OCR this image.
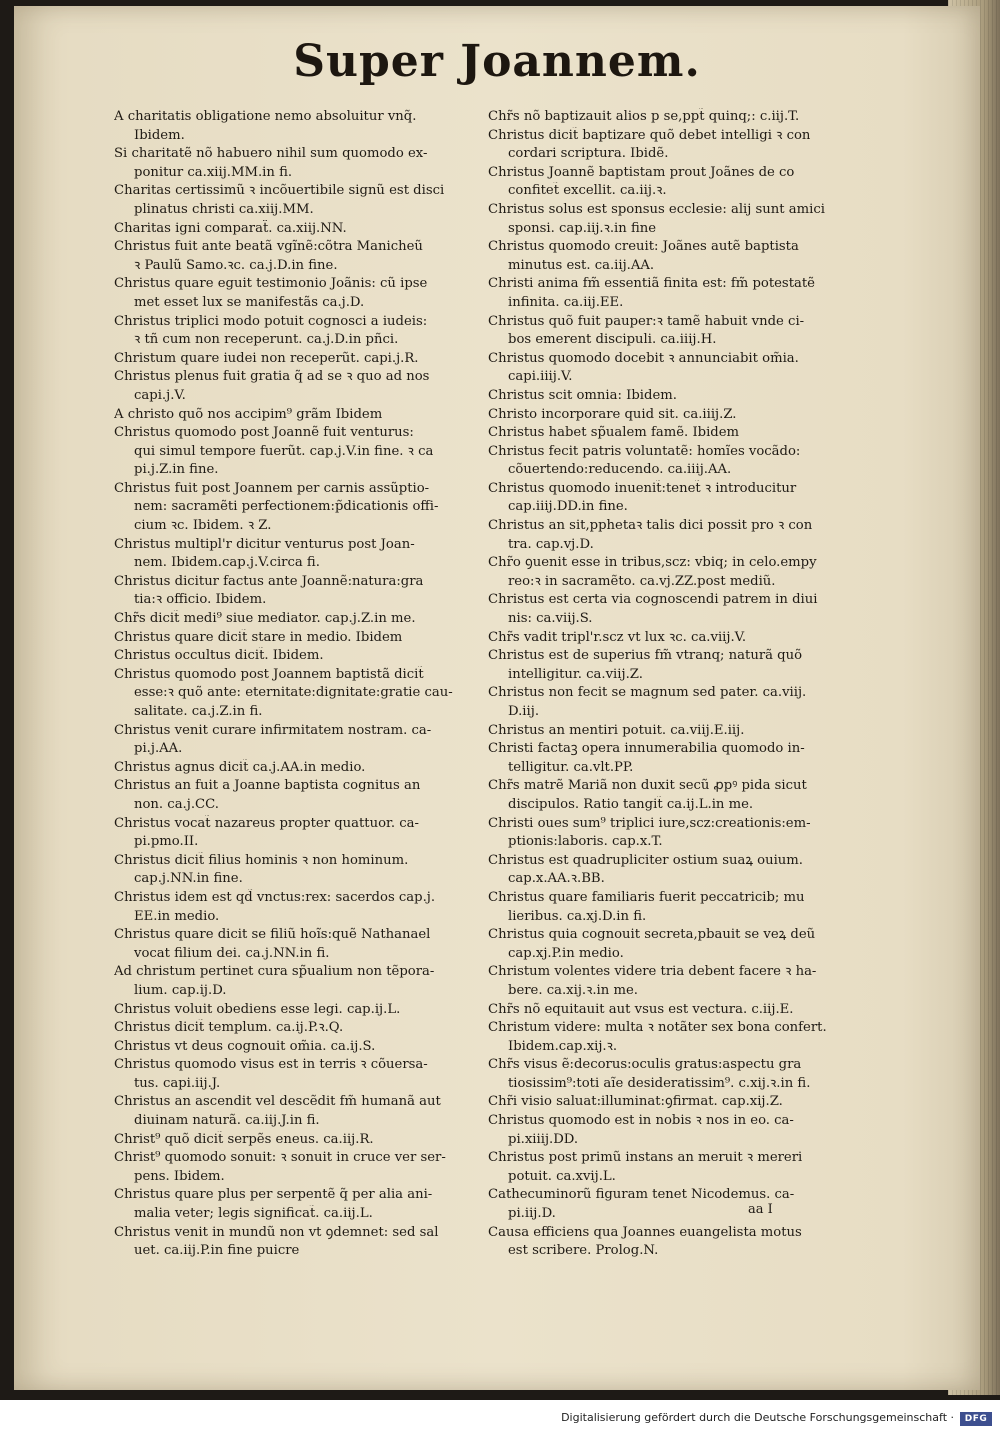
Super Joannem.
A charitatis obligatione nemo absoluitur vnq̃.
Ibidem.
Si charitatẽ nõ habuero nihil sum quomodo ex-
ponitur ca.xiij.MM.in fi.
Charitas certissimũ ꝛ incõuertibile signũ est disci
plinatus christi ca.xiij.MM.
Charitas igni comparaẗ. ca.xiij.NN.
Christus fuit ante beatã vgĩnẽ:cõtra Manicheũ
ꝛ Paulũ Samo.ꝛc. ca.j.D.in fine.
Christus quare eguit testimonio Joãnis: cũ ipse
met esset lux se manifestãs ca.j.D.
Christus triplici modo potuit cognosci a iudeis:
ꝛ tñ cum non receperunt. ca.j.D.in pñci.
Christum quare iudei non receperũt. capi.j.R.
Christus plenus fuit gratia q̃ ad se ꝛ quo ad nos
capi.j.V.
A christo quõ nos accipim⁹ grãm Ibidem
Christus quomodo post Joannẽ fuit venturus:
qui simul tempore fuerũt. cap.j.V.in fine. ꝛ ca
pi.j.Z.in fine.
Christus fuit post Joannem per carnis assũptio-
nem: sacramẽti perfectionem:p̃dicationis offi-
cium ꝛc. Ibidem. ꝛ Z.
Christus multipl'r dicitur venturus post Joan-
nem. Ibidem.cap.j.V.circa fi.
Christus dicitur factus ante Joannẽ:natura:gra
tia:ꝛ officio. Ibidem.
Chr̃s dicit̃ medi⁹ siue mediator. cap.j.Z.in me.
Christus quare dicit̃ stare in medio. Ibidem
Christus occultus dicit̃. Ibidem.
Christus quomodo post Joannem baptistã dicit̃
esse:ꝛ quõ ante: eternitate:dignitate:gratie cau-
salitate. ca.j.Z.in fi.
Christus venit curare infirmitatem nostram. ca-
pi.j.AA.
Christus agnus dicit̃ ca.j.AA.in medio.
Christus an fuit a Joanne baptista cognitus an
non. ca.j.CC.
Christus vocat̃ nazareus propter quattuor. ca-
pi.pmo.II.
Christus dicit̃ filius hominis ꝛ non hominum.
cap.j.NN.in fine.
Christus idem est qd̃ vnctus:rex: sacerdos cap.j.
EE.in medio.
Christus quare dicit se filiũ hoĩs:quẽ Nathanael
vocat filium dei. ca.j.NN.in fi.
Ad christum pertinet cura sp̃ualium non tẽpora-
lium. cap.ij.D.
Christus voluit obediens esse legi. cap.ij.L.
Christus dicit̃ templum. ca.ij.P.ꝛ.Q.
Christus vt deus cognouit om̃ia. ca.ij.S.
Christus quomodo visus est in terris ꝛ cõuersa-
tus. capi.iij.J.
Christus an ascendit vel descẽdit fm̃ humanã aut
diuinam naturã. ca.iij.J.in fi.
Christ⁹ quõ dicit̃ serpẽs eneus. ca.iij.R.
Christ⁹ quomodo sonuit: ꝛ sonuit in cruce ver ser-
pens. Ibidem.
Christus quare plus per serpentẽ q̃ per alia ani-
malia veter; legis significat̃. ca.iij.L.
Christus venit in mundũ non vt ꝯdemnet: sed sal
uet. ca.iij.P.in fine puicre
Chr̃s nõ baptizauit alios p se,ppt̃ quinq;: c.iij.T.
Christus dicit̃ baptizare quõ debet intelligi ꝛ con
cordari scriptura. Ibidẽ.
Christus Joannẽ baptistam prout Joãnes de co
confitet̃ excellit. ca.iij.ꝛ.
Christus solus est sponsus ecclesie: alij sunt amici
sponsi. cap.iij.ꝛ.in fine
Christus quomodo creuit: Joãnes autẽ baptista
minutus est. ca.iij.AA.
Christi anima fm̃ essentiã finita est: fm̃ potestatẽ
infinita. ca.iij.EE.
Christus quõ fuit pauper:ꝛ tamẽ habuit vnde ci-
bos emerent discipuli. ca.iiij.H.
Christus quomodo docebit ꝛ annunciabit om̃ia.
capi.iiij.V.
Christus scit omnia: Ibidem.
Christo incorporare quid sit. ca.iiij.Z.
Christus habet sp̃ualem famẽ. Ibidem
Christus fecit patris voluntatẽ: homĩes vocãdo:
cõuertendo:reducendo. ca.iiij.AA.
Christus quomodo inuenit̃:tenet̃ ꝛ introducitur
cap.iiij.DD.in fine.
Christus an sit,pphetaꝛ talis dici possit pro ꝛ con
tra. cap.vj.D.
Chr̃o ꝯuenit esse in tribus,scz: vbiq; in celo.empy
reo:ꝛ in sacramẽto. ca.vj.ZZ.post mediũ.
Christus est certa via cognoscendi patrem in diui
nis: ca.viij.S.
Chr̃s vadit tripl'r.scz vt lux ꝛc. ca.viij.V.
Christus est de superius fm̃ vtranq; naturã quõ
intelligitur. ca.viij.Z.
Christus non fecit se magnum sed pater. ca.viij.
D.iij.
Christus an mentiri potuit. ca.viij.E.iij.
Christi factaꝫ opera innumerabilia quomodo in-
telligitur. ca.vlt.PP.
Chr̃s matrẽ Mariã non duxit secũ ꝓpꝰ pida sicut
discipulos. Ratio tangit̃ ca.ij.L.in me.
Christi oues sum⁹ triplici iure,scz:creationis:em-
ptionis:laboris. cap.x.T.
Christus est quadrupliciter ostium suaꝝ ouium.
cap.x.AA.ꝛ.BB.
Christus quare familiaris fuerit peccatricib; mu
lieribus. ca.xj.D.in fi.
Christus quia cognouit secreta,pbauit se veꝝ deũ
cap.xj.P.in medio.
Christum volentes videre tria debent facere ꝛ ha-
bere. ca.xij.ꝛ.in me.
Chr̃s nõ equitauit aut vsus est vectura. c.iij.E.
Christum videre: multa ꝛ notãter sex bona confert.
Ibidem.cap.xij.ꝛ.
Chr̃s visus ẽ:decorus:oculis gratus:aspectu gra
tiosissim⁹:toti aĩe desideratissim⁹. c.xij.ꝛ.in fi.
Chr̃i visio saluat:illuminat:ꝯfirmat. cap.xij.Z.
Christus quomodo est in nobis ꝛ nos in eo. ca-
pi.xiiij.DD.
Christus post primũ instans an meruit ꝛ mereri
potuit. ca.xvij.L.
Cathecuminorũ figuram tenet Nicodemus. ca-
pi.iij.D.
Causa efficiens qua Joannes euangelista motus
est scribere. Prolog.N.
aa I
Digitalisierung gefördert durch die Deutsche Forschungsgemeinschaft ·	DFG
